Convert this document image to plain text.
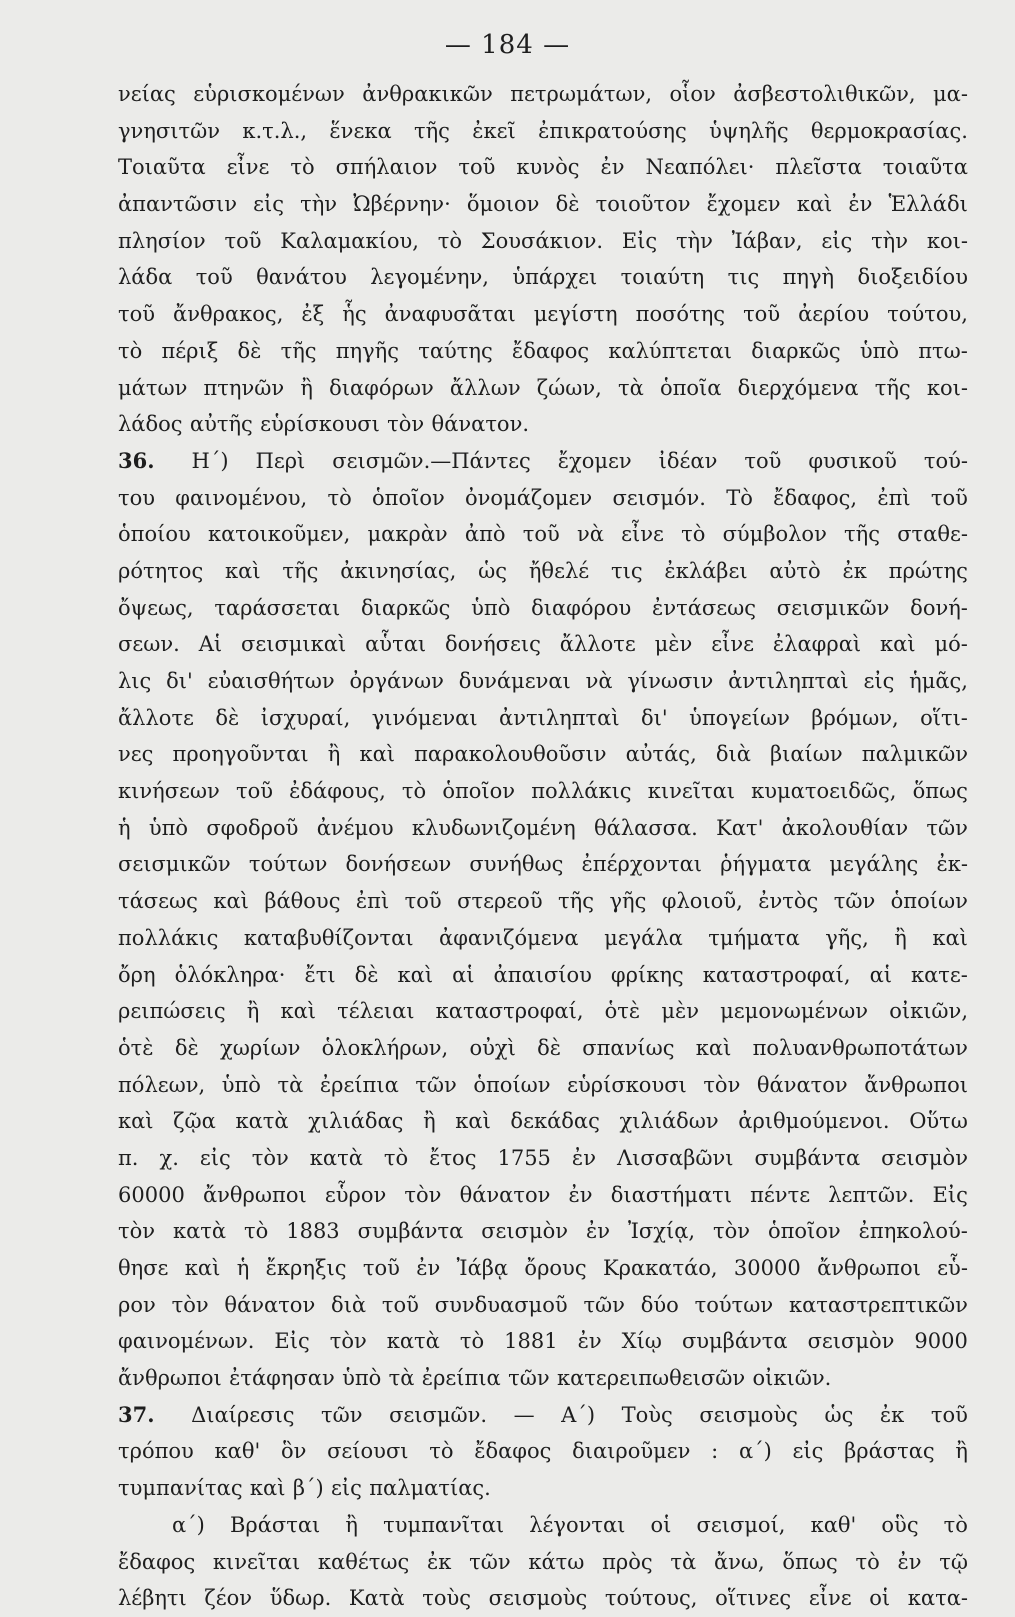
— 184 —
νείας εὑρισκομένων ἀνθρακικῶν πετρωμάτων, οἷον ἀσβεστολιθικῶν, μα-
γνησιτῶν κ.τ.λ., ἕνεκα τῆς ἐκεῖ ἐπικρατούσης ὑψηλῆς θερμοκρασίας.
Τοιαῦτα εἶνε τὸ σπήλαιον τοῦ κυνὸς ἐν Νεαπόλει· πλεῖστα τοιαῦτα
ἀπαντῶσιν εἰς τὴν Ὠβέρνην· ὅμοιον δὲ τοιοῦτον ἔχομεν καὶ ἐν Ἑλλάδι
πλησίον τοῦ Καλαμακίου, τὸ Σουσάκιον. Εἰς τὴν Ἰάβαν, εἰς τὴν κοι-
λάδα τοῦ θανάτου λεγομένην, ὑπάρχει τοιαύτη τις πηγὴ διοξειδίου
τοῦ ἄνθρακος, ἐξ ἧς ἀναφυσᾶται μεγίστη ποσότης τοῦ ἀερίου τούτου,
τὸ πέριξ δὲ τῆς πηγῆς ταύτης ἔδαφος καλύπτεται διαρκῶς ὑπὸ πτω-
μάτων πτηνῶν ἢ διαφόρων ἄλλων ζώων, τὰ ὁποῖα διερχόμενα τῆς κοι-
λάδος αὐτῆς εὑρίσκουσι τὸν θάνατον.
36. Η΄) Περὶ σεισμῶν.—Πάντες ἔχομεν ἰδέαν τοῦ φυσικοῦ τού-
του φαινομένου, τὸ ὁποῖον ὀνομάζομεν σεισμόν. Τὸ ἔδαφος, ἐπὶ τοῦ
ὁποίου κατοικοῦμεν, μακρὰν ἀπὸ τοῦ νὰ εἶνε τὸ σύμβολον τῆς σταθε-
ρότητος καὶ τῆς ἀκινησίας, ὡς ἤθελέ τις ἐκλάβει αὐτὸ ἐκ πρώτης
ὄψεως, ταράσσεται διαρκῶς ὑπὸ διαφόρου ἐντάσεως σεισμικῶν δονή-
σεων. Αἱ σεισμικαὶ αὗται δονήσεις ἄλλοτε μὲν εἶνε ἐλαφραὶ καὶ μό-
λις δι' εὐαισθήτων ὀργάνων δυνάμεναι νὰ γίνωσιν ἀντιληπταὶ εἰς ἡμᾶς,
ἄλλοτε δὲ ἰσχυραί, γινόμεναι ἀντιληπταὶ δι' ὑπογείων βρόμων, οἵτι-
νες προηγοῦνται ἢ καὶ παρακολουθοῦσιν αὐτάς, διὰ βιαίων παλμικῶν
κινήσεων τοῦ ἐδάφους, τὸ ὁποῖον πολλάκις κινεῖται κυματοειδῶς, ὅπως
ἡ ὑπὸ σφοδροῦ ἀνέμου κλυδωνιζομένη θάλασσα. Κατ' ἀκολουθίαν τῶν
σεισμικῶν τούτων δονήσεων συνήθως ἐπέρχονται ῥήγματα μεγάλης ἐκ-
τάσεως καὶ βάθους ἐπὶ τοῦ στερεοῦ τῆς γῆς φλοιοῦ, ἐντὸς τῶν ὁποίων
πολλάκις καταβυθίζονται ἀφανιζόμενα μεγάλα τμήματα γῆς, ἢ καὶ
ὄρη ὁλόκληρα· ἔτι δὲ καὶ αἱ ἀπαισίου φρίκης καταστροφαί, αἱ κατε-
ρειπώσεις ἢ καὶ τέλειαι καταστροφαί, ὁτὲ μὲν μεμονωμένων οἰκιῶν,
ὁτὲ δὲ χωρίων ὁλοκλήρων, οὐχὶ δὲ σπανίως καὶ πολυανθρωποτάτων
πόλεων, ὑπὸ τὰ ἐρείπια τῶν ὁποίων εὑρίσκουσι τὸν θάνατον ἄνθρωποι
καὶ ζῷα κατὰ χιλιάδας ἢ καὶ δεκάδας χιλιάδων ἀριθμούμενοι. Οὕτω
π. χ. εἰς τὸν κατὰ τὸ ἔτος 1755 ἐν Λισσαβῶνι συμβάντα σεισμὸν
60000 ἄνθρωποι εὗρον τὸν θάνατον ἐν διαστήματι πέντε λεπτῶν. Εἰς
τὸν κατὰ τὸ 1883 συμβάντα σεισμὸν ἐν Ἰσχίᾳ, τὸν ὁποῖον ἐπηκολού-
θησε καὶ ἡ ἔκρηξις τοῦ ἐν Ἰάβᾳ ὄρους Κρακατάο, 30000 ἄνθρωποι εὗ-
ρον τὸν θάνατον διὰ τοῦ συνδυασμοῦ τῶν δύο τούτων καταστρεπτικῶν
φαινομένων. Εἰς τὸν κατὰ τὸ 1881 ἐν Χίῳ συμβάντα σεισμὸν 9000
ἄνθρωποι ἐτάφησαν ὑπὸ τὰ ἐρείπια τῶν κατερειπωθεισῶν οἰκιῶν.
37. Διαίρεσις τῶν σεισμῶν. — Α΄) Τοὺς σεισμοὺς ὡς ἐκ τοῦ
τρόπου καθ' ὃν σείουσι τὸ ἔδαφος διαιροῦμεν : α΄) εἰς βράστας ἢ
τυμπανίτας καὶ β΄) εἰς παλματίας.
α΄) Βράσται ἢ τυμπανῖται λέγονται οἱ σεισμοί, καθ' οὓς τὸ
ἔδαφος κινεῖται καθέτως ἐκ τῶν κάτω πρὸς τὰ ἄνω, ὅπως τὸ ἐν τῷ
λέβητι ζέον ὕδωρ. Κατὰ τοὺς σεισμοὺς τούτους, οἵτινες εἶνε οἱ κατα-
